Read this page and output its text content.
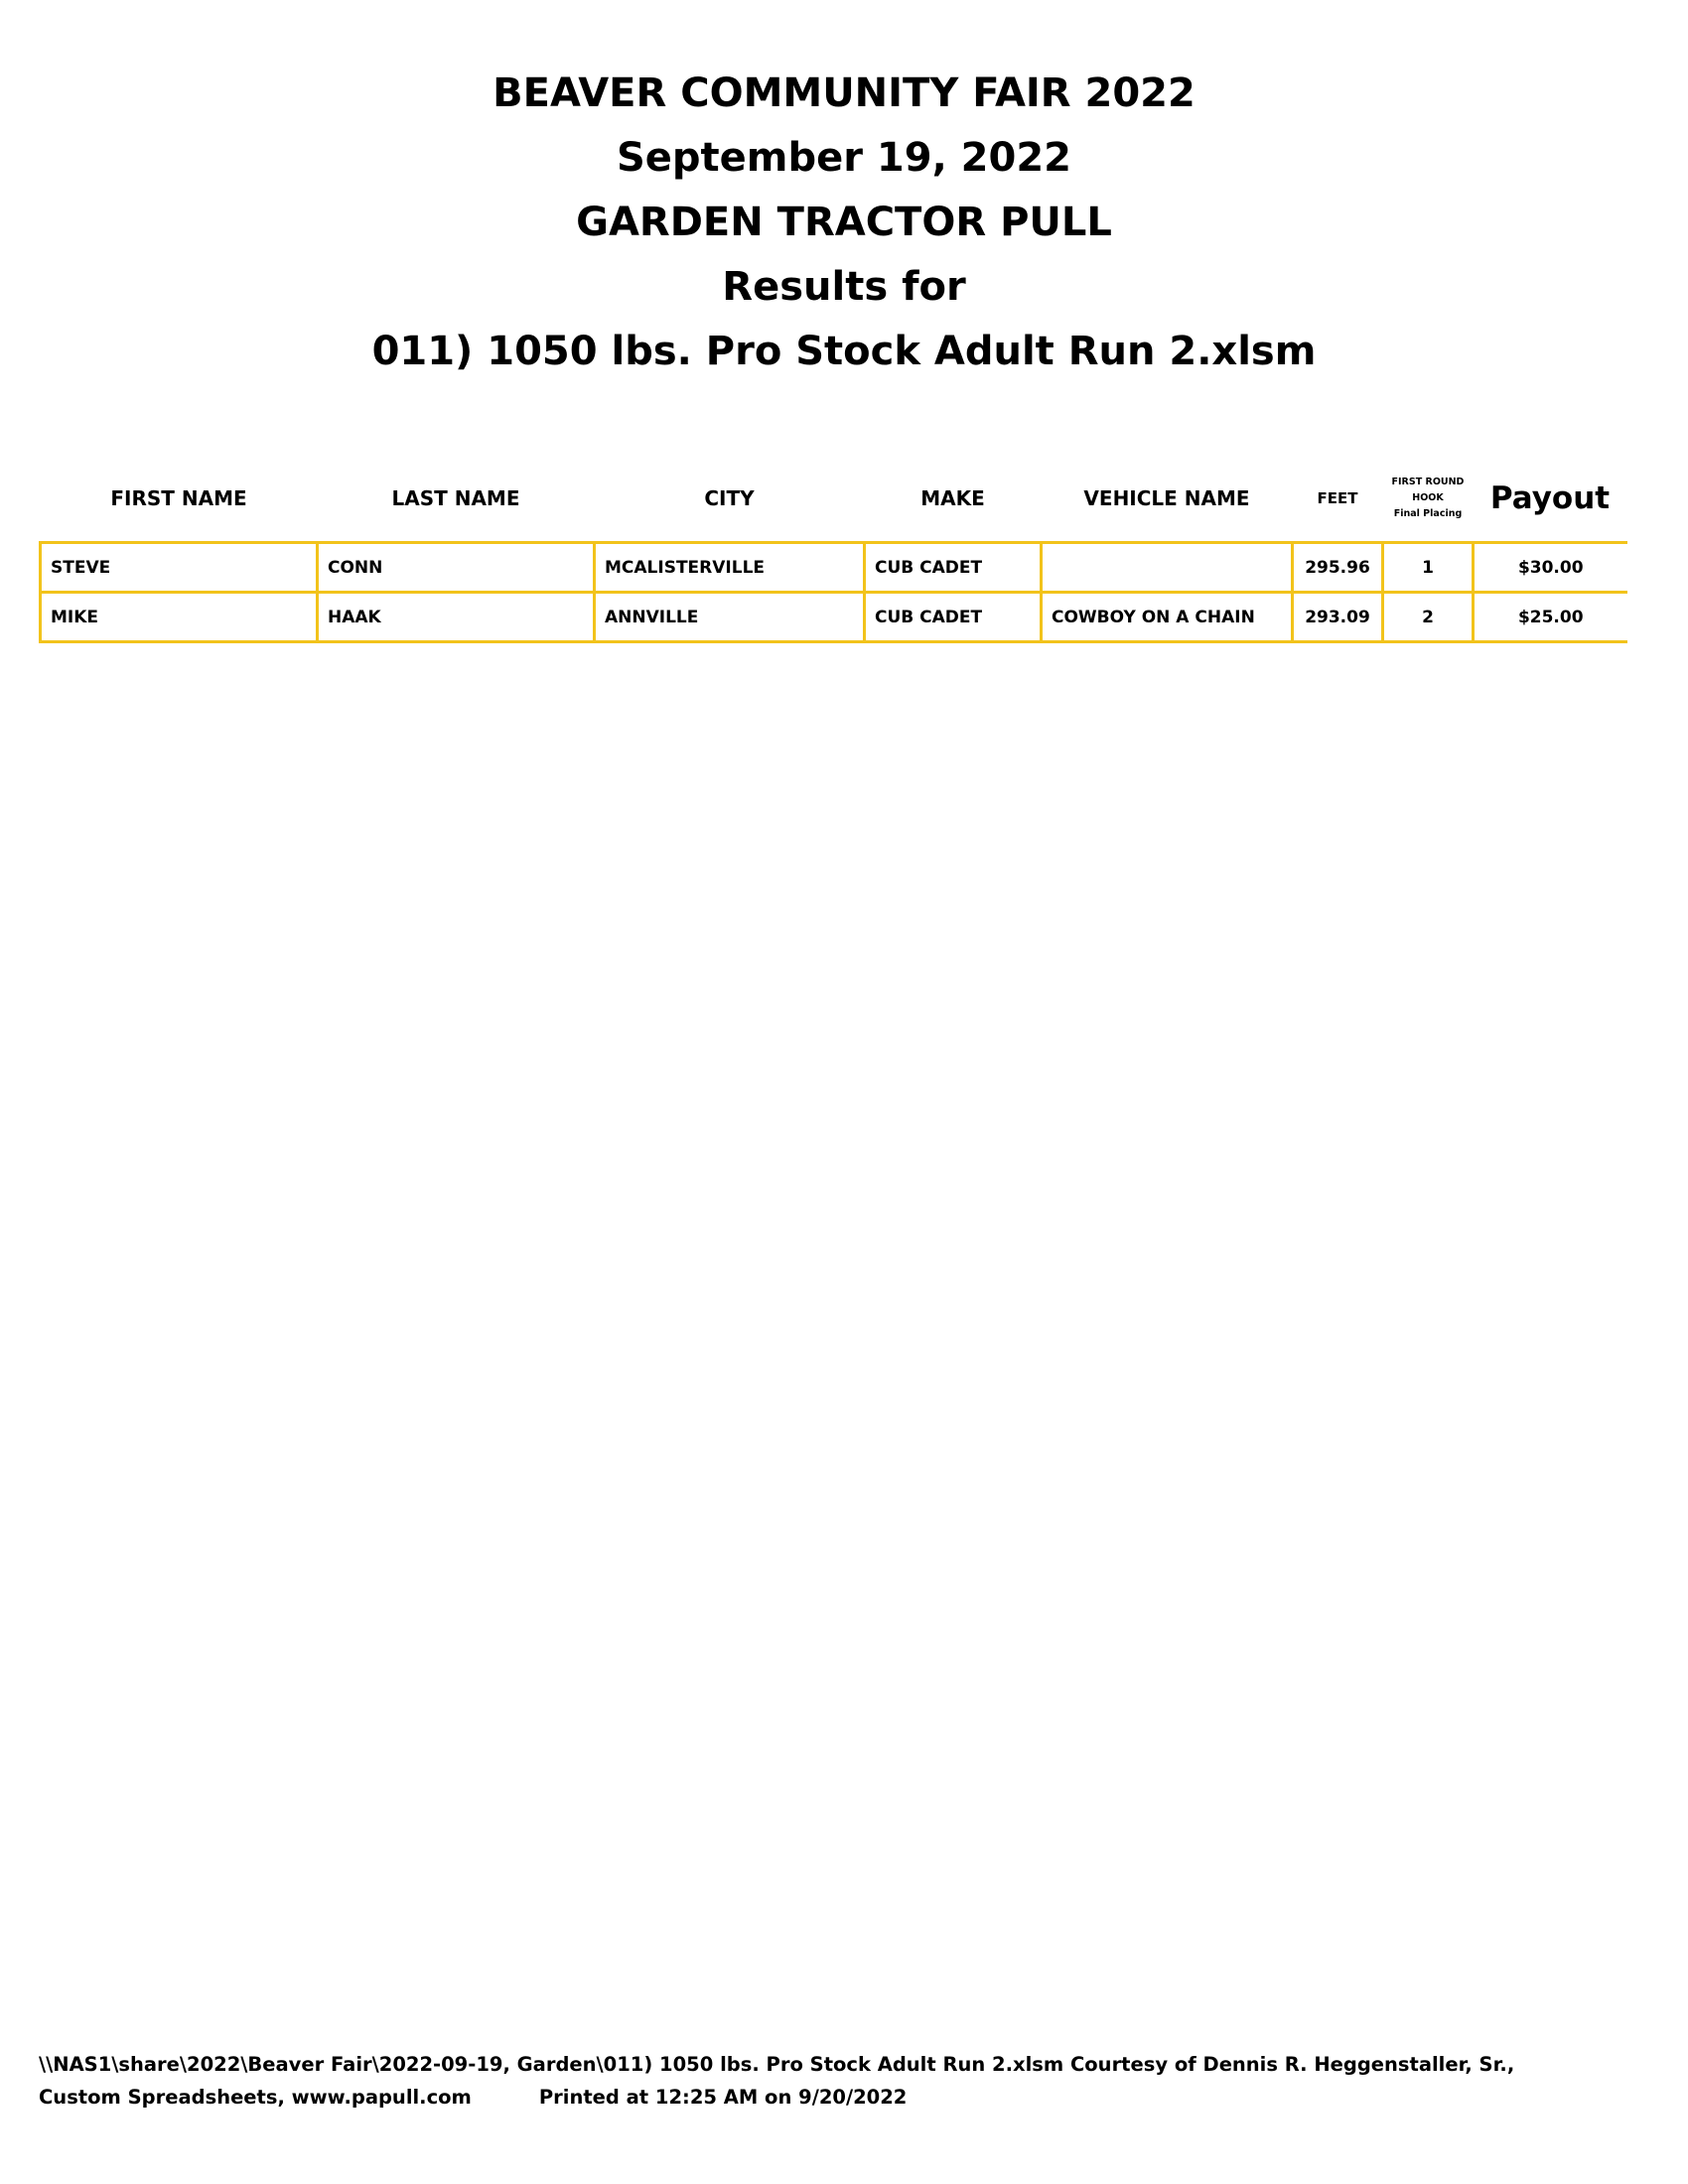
BEAVER COMMUNITY FAIR 2022
September 19, 2022
GARDEN TRACTOR PULL
Results for
011) 1050 lbs. Pro Stock Adult Run 2.xlsm
FIRST NAME	LAST NAME	CITY	MAKE	VEHICLE NAME	FEET	FIRST ROUND
HOOK
Final Placing	Payout

STEVE	CONN	MCALISTERVILLE	CUB CADET		295.96	1	$30.00
MIKE	HAAK	ANNVILLE	CUB CADET	COWBOY ON A CHAIN	293.09	2	$25.00
\\NAS1\share\2022\Beaver Fair\2022-09-19, Garden\011) 1050 lbs. Pro Stock Adult Run 2.xlsm Courtesy of Dennis R. Heggenstaller, Sr.,
Custom Spreadsheets, www.papull.com	Printed at 12:25 AM on 9/20/2022
